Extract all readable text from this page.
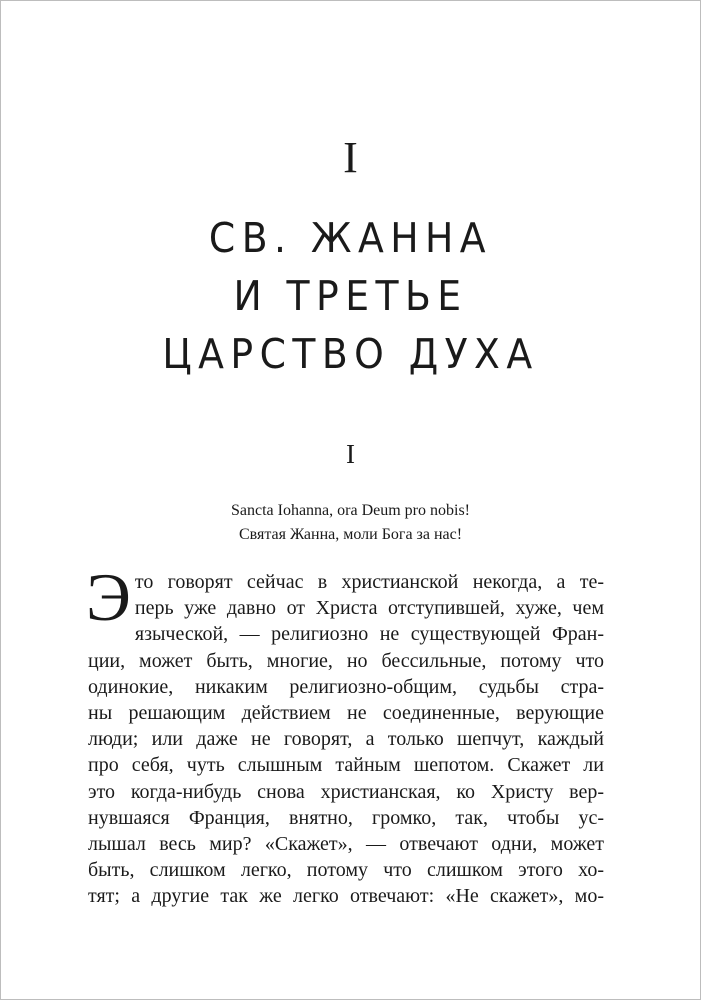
I
СВ. ЖАННА
И ТРЕТЬЕ
ЦАРСТВО ДУХА
I
Sancta Iohanna, ora Deum pro nobis!
Святая Жанна, моли Бога за нас!
Э то говорят сейчас в христианской некогда, а те-
перь уже давно от Христа отступившей, хуже, чем
языческой, — религиозно не существующей Фран-
ции, может быть, многие, но бессильные, потому что
одинокие, никаким религиозно-общим, судьбы стра-
ны решающим действием не соединенные, верующие
люди; или даже не говорят, а только шепчут, каждый
про себя, чуть слышным тайным шепотом. Скажет ли
это когда-нибудь снова христианская, ко Христу вер-
нувшаяся Франция, внятно, громко, так, чтобы ус-
лышал весь мир? «Скажет», — отвечают одни, может
быть, слишком легко, потому что слишком этого хо-
тят; а другие так же легко отвечают: «Не скажет», мо-
